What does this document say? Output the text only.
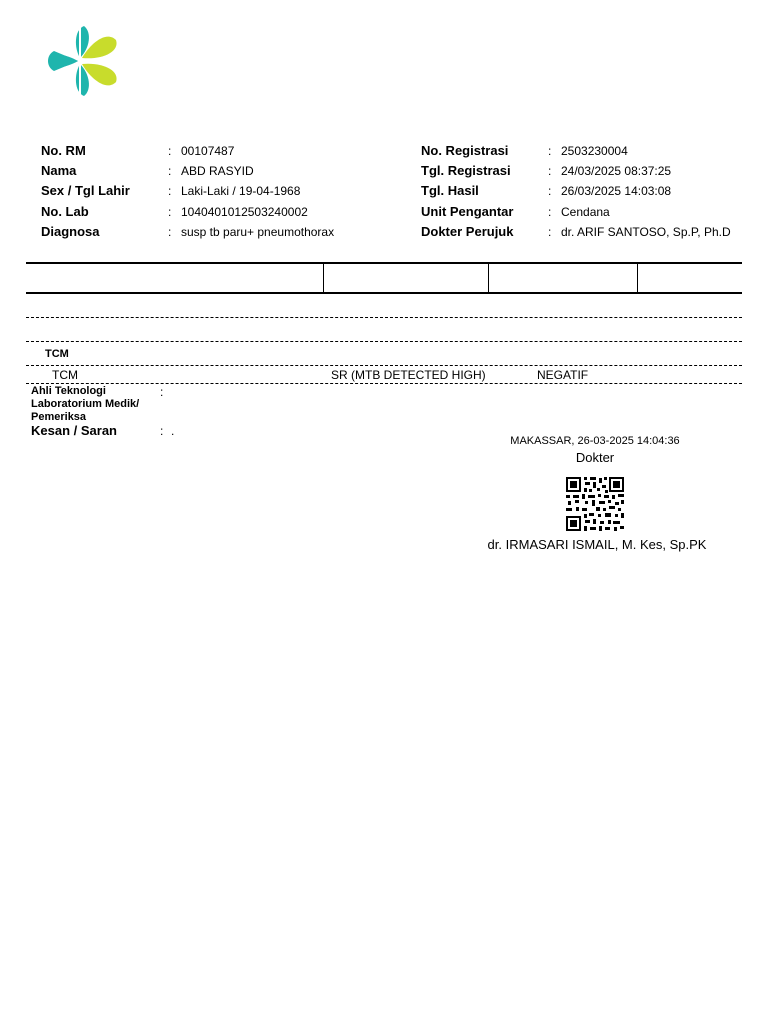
No. RM	: 00107487
Nama	: ABD RASYID
Sex / Tgl Lahir	: Laki-Laki / 19-04-1968
No. Lab	: 1040401012503240002
Diagnosa	: susp tb paru+ pneumothorax
No. Registrasi	: 2503230004
Tgl. Registrasi	: 24/03/2025 08:37:25
Tgl. Hasil	: 26/03/2025 14:03:08
Unit Pengantar	: Cendana
Dokter Perujuk	: dr. ARIF SANTOSO, Sp.P, Ph.D
TCM
TCM	SR (MTB DETECTED HIGH)	NEGATIF
Ahli Teknologi Laboratorium Medik/ Pemeriksa
:
Kesan / Saran	: .
MAKASSAR, 26-03-2025 14:04:36
Dokter
dr. IRMASARI ISMAIL, M. Kes, Sp.PK
